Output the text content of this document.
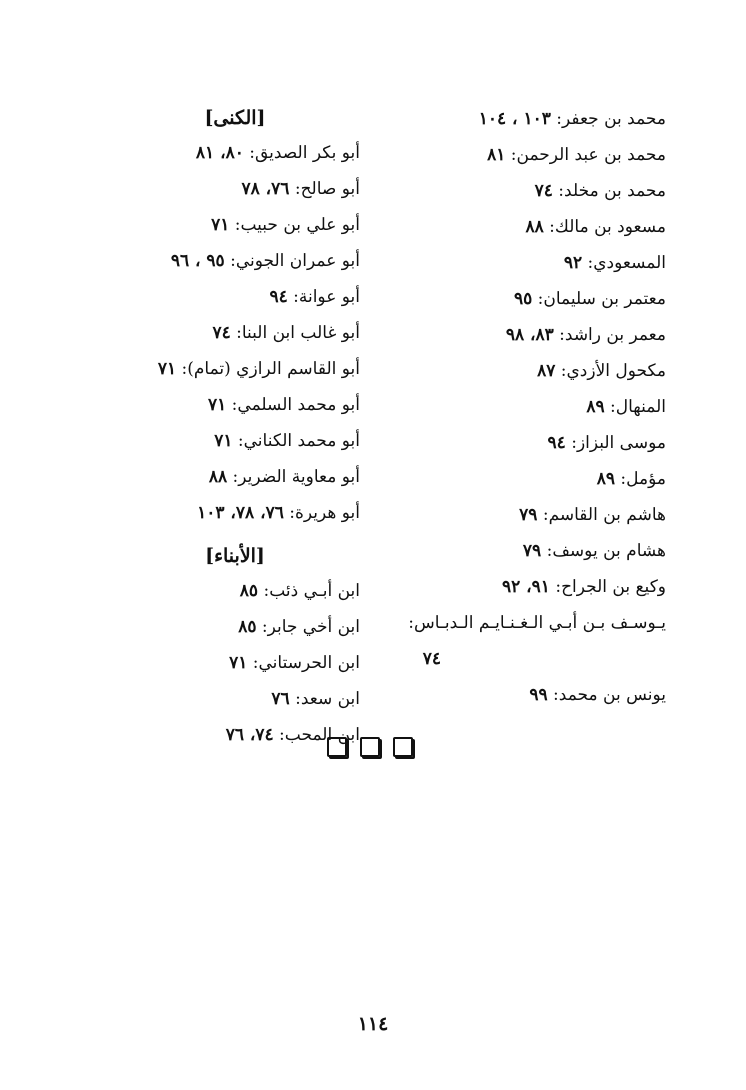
محمد بن جعفر: ١٠٣ ، ١٠٤
محمد بن عبد الرحمن: ٨١
محمد بن مخلد: ٧٤
مسعود بن مالك: ٨٨
المسعودي: ٩٢
معتمر بن سليمان: ٩٥
معمر بن راشد: ٨٣، ٩٨
مكحول الأزدي: ٨٧
المنهال: ٨٩
موسى البزاز: ٩٤
مؤمل: ٨٩
هاشم بن القاسم: ٧٩
هشام بن يوسف: ٧٩
وكيع بن الجراح: ٩١، ٩٢
يـوسـف بـن أبـي الـغـنـايـم الـدبـاس:
٧٤
يونس بن محمد: ٩٩
[الكنى]
أبو بكر الصديق: ٨٠، ٨١
أبو صالح: ٧٦، ٧٨
أبو علي بن حبيب: ٧١
أبو عمران الجوني: ٩٥ ، ٩٦
أبو عوانة: ٩٤
أبو غالب ابن البنا: ٧٤
أبو القاسم الرازي (تمام): ٧١
أبو محمد السلمي: ٧١
أبو محمد الكناني: ٧١
أبو معاوية الضرير: ٨٨
أبو هريرة: ٧٦، ٧٨، ١٠٣
[الأبناء]
ابن أبـي ذئب: ٨٥
ابن أخي جابر: ٨٥
ابن الحرستاني: ٧١
ابن سعد: ٧٦
ابن المحب: ٧٤، ٧٦
١١٤
